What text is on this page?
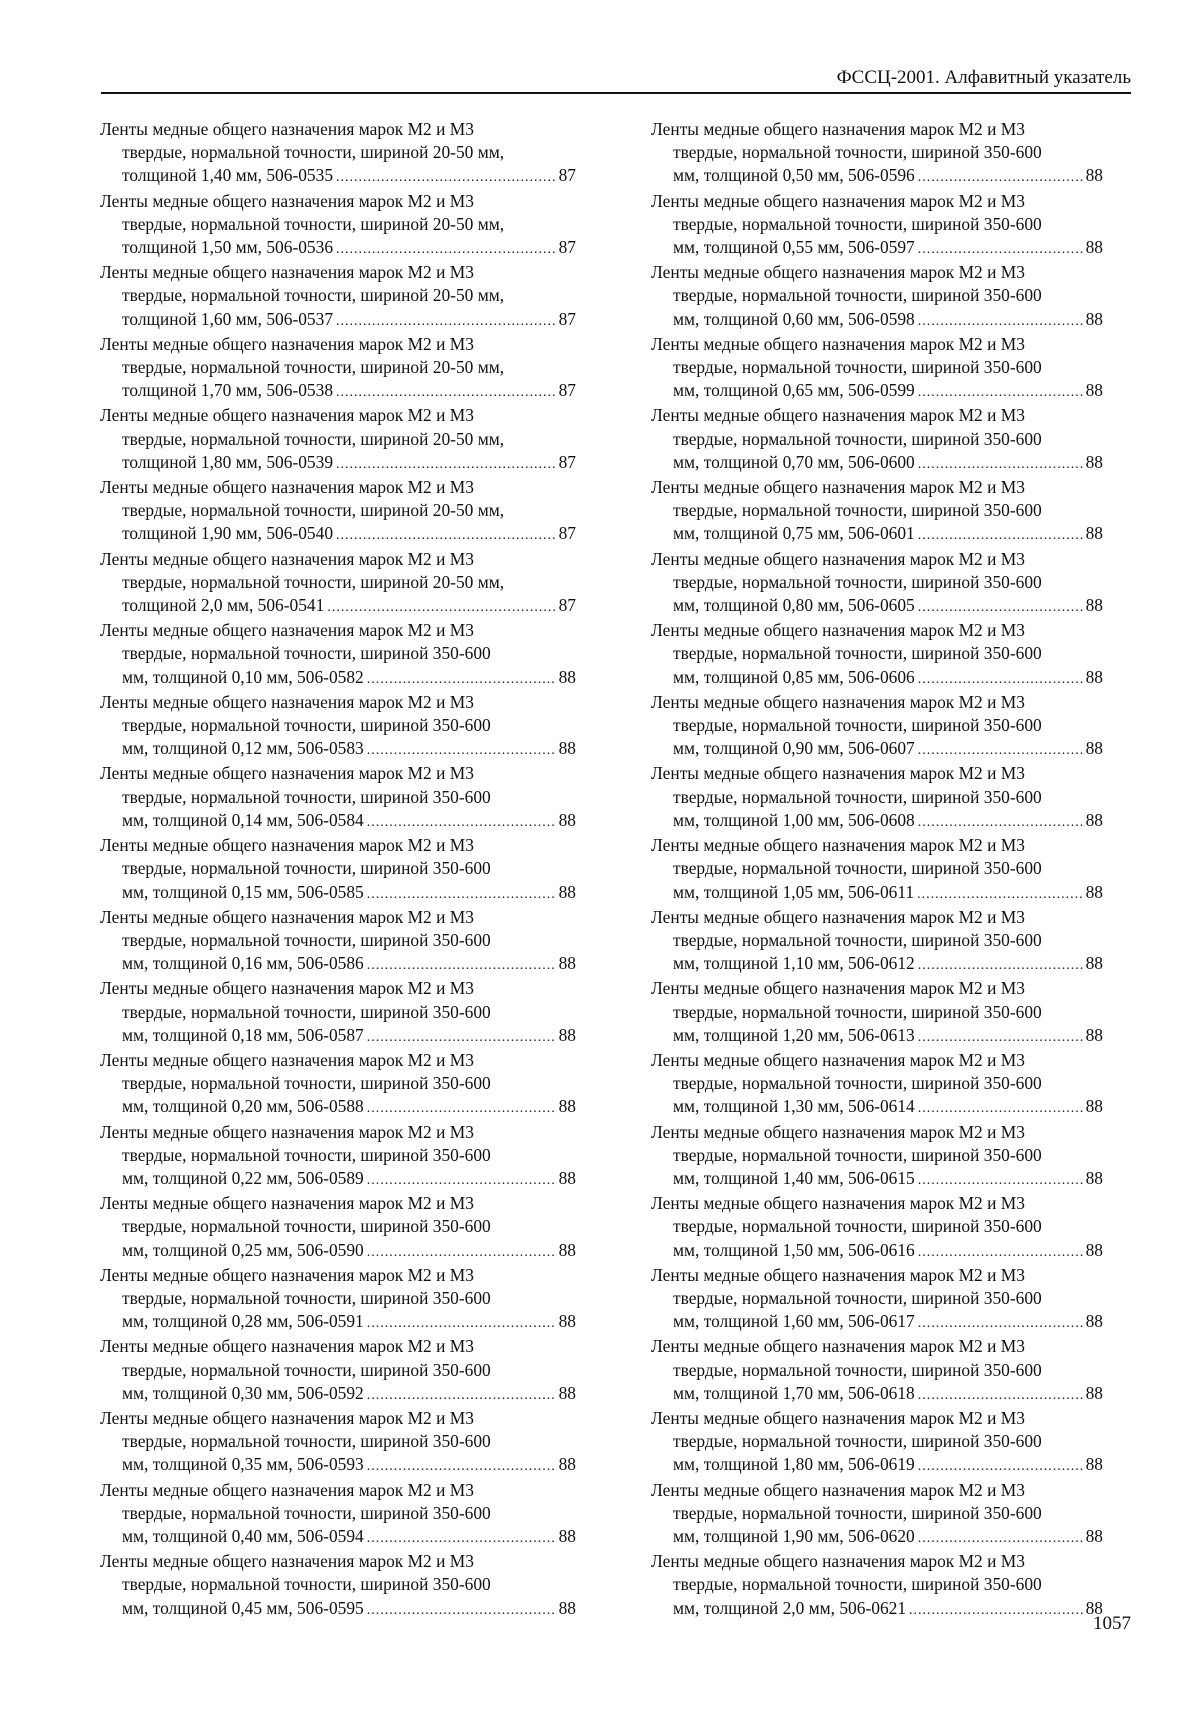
ФССЦ-2001. Алфавитный указатель
Ленты медные общего назначения марок М2 и М3
твердые, нормальной точности, шириной 20-50 мм,
толщиной 1,40 мм, 506-0535 .....	87
Ленты медные общего назначения марок М2 и М3
твердые, нормальной точности, шириной 20-50 мм,
толщиной 1,50 мм, 506-0536 .....	87
Ленты медные общего назначения марок М2 и М3
твердые, нормальной точности, шириной 20-50 мм,
толщиной 1,60 мм, 506-0537 .....	87
Ленты медные общего назначения марок М2 и М3
твердые, нормальной точности, шириной 20-50 мм,
толщиной 1,70 мм, 506-0538 .....	87
Ленты медные общего назначения марок М2 и М3
твердые, нормальной точности, шириной 20-50 мм,
толщиной 1,80 мм, 506-0539 .....	87
Ленты медные общего назначения марок М2 и М3
твердые, нормальной точности, шириной 20-50 мм,
толщиной 1,90 мм, 506-0540 .....	87
Ленты медные общего назначения марок М2 и М3
твердые, нормальной точности, шириной 20-50 мм,
толщиной 2,0 мм, 506-0541 .....	87
Ленты медные общего назначения марок М2 и М3
твердые, нормальной точности, шириной 350-600
мм, толщиной 0,10 мм, 506-0582 .....	88
Ленты медные общего назначения марок М2 и М3
твердые, нормальной точности, шириной 350-600
мм, толщиной 0,12 мм, 506-0583 .....	88
Ленты медные общего назначения марок М2 и М3
твердые, нормальной точности, шириной 350-600
мм, толщиной 0,14 мм, 506-0584 .....	88
Ленты медные общего назначения марок М2 и М3
твердые, нормальной точности, шириной 350-600
мм, толщиной 0,15 мм, 506-0585 .....	88
Ленты медные общего назначения марок М2 и М3
твердые, нормальной точности, шириной 350-600
мм, толщиной 0,16 мм, 506-0586 .....	88
Ленты медные общего назначения марок М2 и М3
твердые, нормальной точности, шириной 350-600
мм, толщиной 0,18 мм, 506-0587 .....	88
Ленты медные общего назначения марок М2 и М3
твердые, нормальной точности, шириной 350-600
мм, толщиной 0,20 мм, 506-0588 .....	88
Ленты медные общего назначения марок М2 и М3
твердые, нормальной точности, шириной 350-600
мм, толщиной 0,22 мм, 506-0589 .....	88
Ленты медные общего назначения марок М2 и М3
твердые, нормальной точности, шириной 350-600
мм, толщиной 0,25 мм, 506-0590 .....	88
Ленты медные общего назначения марок М2 и М3
твердые, нормальной точности, шириной 350-600
мм, толщиной 0,28 мм, 506-0591 .....	88
Ленты медные общего назначения марок М2 и М3
твердые, нормальной точности, шириной 350-600
мм, толщиной 0,30 мм, 506-0592 .....	88
Ленты медные общего назначения марок М2 и М3
твердые, нормальной точности, шириной 350-600
мм, толщиной 0,35 мм, 506-0593 .....	88
Ленты медные общего назначения марок М2 и М3
твердые, нормальной точности, шириной 350-600
мм, толщиной 0,40 мм, 506-0594 .....	88
Ленты медные общего назначения марок М2 и М3
твердые, нормальной точности, шириной 350-600
мм, толщиной 0,45 мм, 506-0595 .....	88
Ленты медные общего назначения марок М2 и М3
твердые, нормальной точности, шириной 350-600
мм, толщиной 0,50 мм, 506-0596 .....	88
Ленты медные общего назначения марок М2 и М3
твердые, нормальной точности, шириной 350-600
мм, толщиной 0,55 мм, 506-0597 .....	88
Ленты медные общего назначения марок М2 и М3
твердые, нормальной точности, шириной 350-600
мм, толщиной 0,60 мм, 506-0598 .....	88
Ленты медные общего назначения марок М2 и М3
твердые, нормальной точности, шириной 350-600
мм, толщиной 0,65 мм, 506-0599 .....	88
Ленты медные общего назначения марок М2 и М3
твердые, нормальной точности, шириной 350-600
мм, толщиной 0,70 мм, 506-0600 .....	88
Ленты медные общего назначения марок М2 и М3
твердые, нормальной точности, шириной 350-600
мм, толщиной 0,75 мм, 506-0601 .....	88
Ленты медные общего назначения марок М2 и М3
твердые, нормальной точности, шириной 350-600
мм, толщиной 0,80 мм, 506-0605 .....	88
Ленты медные общего назначения марок М2 и М3
твердые, нормальной точности, шириной 350-600
мм, толщиной 0,85 мм, 506-0606 .....	88
Ленты медные общего назначения марок М2 и М3
твердые, нормальной точности, шириной 350-600
мм, толщиной 0,90 мм, 506-0607 .....	88
Ленты медные общего назначения марок М2 и М3
твердые, нормальной точности, шириной 350-600
мм, толщиной 1,00 мм, 506-0608 .....	88
Ленты медные общего назначения марок М2 и М3
твердые, нормальной точности, шириной 350-600
мм, толщиной 1,05 мм, 506-0611 .....	88
Ленты медные общего назначения марок М2 и М3
твердые, нормальной точности, шириной 350-600
мм, толщиной 1,10 мм, 506-0612 .....	88
Ленты медные общего назначения марок М2 и М3
твердые, нормальной точности, шириной 350-600
мм, толщиной 1,20 мм, 506-0613 .....	88
Ленты медные общего назначения марок М2 и М3
твердые, нормальной точности, шириной 350-600
мм, толщиной 1,30 мм, 506-0614 .....	88
Ленты медные общего назначения марок М2 и М3
твердые, нормальной точности, шириной 350-600
мм, толщиной 1,40 мм, 506-0615 .....	88
Ленты медные общего назначения марок М2 и М3
твердые, нормальной точности, шириной 350-600
мм, толщиной 1,50 мм, 506-0616 .....	88
Ленты медные общего назначения марок М2 и М3
твердые, нормальной точности, шириной 350-600
мм, толщиной 1,60 мм, 506-0617 .....	88
Ленты медные общего назначения марок М2 и М3
твердые, нормальной точности, шириной 350-600
мм, толщиной 1,70 мм, 506-0618 .....	88
Ленты медные общего назначения марок М2 и М3
твердые, нормальной точности, шириной 350-600
мм, толщиной 1,80 мм, 506-0619 .....	88
Ленты медные общего назначения марок М2 и М3
твердые, нормальной точности, шириной 350-600
мм, толщиной 1,90 мм, 506-0620 .....	88
Ленты медные общего назначения марок М2 и М3
твердые, нормальной точности, шириной 350-600
мм, толщиной 2,0 мм, 506-0621 .....	88
1057
